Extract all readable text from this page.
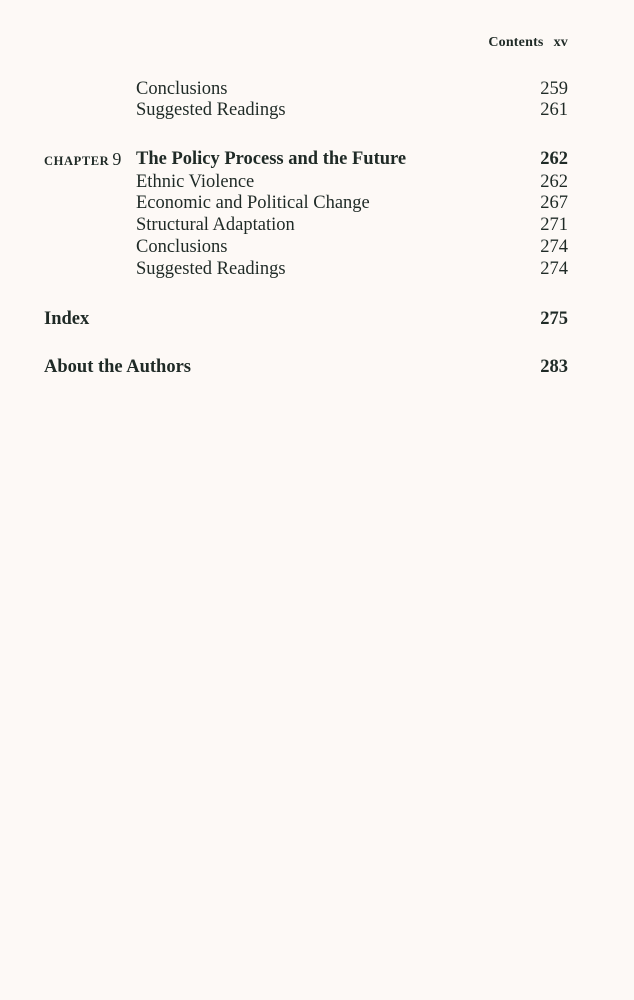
Contents xv
Conclusions	259
Suggested Readings	261
CHAPTER 9 The Policy Process and the Future	262
Ethnic Violence	262
Economic and Political Change	267
Structural Adaptation	271
Conclusions	274
Suggested Readings	274
Index	275
About the Authors	283
